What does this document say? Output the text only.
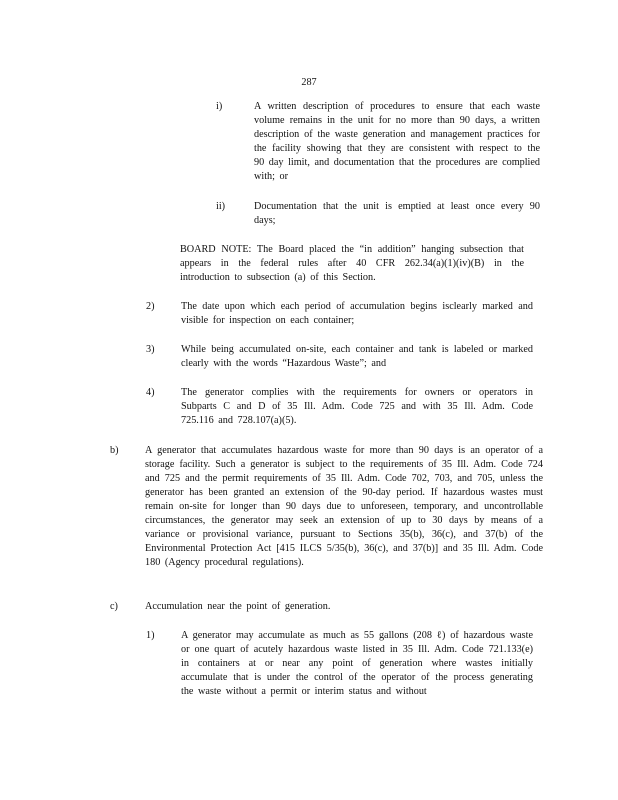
287
i)	A written description of procedures to ensure that each waste volume remains in the unit for no more than 90 days, a written description of the waste generation and management practices for the facility showing that they are consistent with respect to the 90 day limit, and documentation that the procedures are complied with; or
ii)	Documentation that the unit is emptied at least once every 90 days;
BOARD NOTE: The Board placed the “in addition” hanging subsection that appears in the federal rules after 40 CFR 262.34(a)(1)(iv)(B) in the introduction to subsection (a) of this Section.
2)	The date upon which each period of accumulation begins isclearly marked and visible for inspection on each container;
3)	While being accumulated on-site, each container and tank is labeled or marked clearly with the words “Hazardous Waste”; and
4)	The generator complies with the requirements for owners or operators in Subparts C and D of 35 Ill. Adm. Code 725 and with 35 Ill. Adm. Code 725.116 and 728.107(a)(5).
b)	A generator that accumulates hazardous waste for more than 90 days is an operator of a storage facility. Such a generator is subject to the requirements of 35 Ill. Adm. Code 724 and 725 and the permit requirements of 35 Ill. Adm. Code 702, 703, and 705, unless the generator has been granted an extension of the 90-day period. If hazardous wastes must remain on-site for longer than 90 days due to unforeseen, temporary, and uncontrollable circumstances, the generator may seek an extension of up to 30 days by means of a variance or provisional variance, pursuant to Sections 35(b), 36(c), and 37(b) of the Environmental Protection Act [415 ILCS 5/35(b), 36(c), and 37(b)] and 35 Ill. Adm. Code 180 (Agency procedural regulations).
c)	Accumulation near the point of generation.
1)	A generator may accumulate as much as 55 gallons (208 ℓ) of hazardous waste or one quart of acutely hazardous waste listed in 35 Ill. Adm. Code 721.133(e) in containers at or near any point of generation where wastes initially accumulate that is under the control of the operator of the process generating the waste without a permit or interim status and without
